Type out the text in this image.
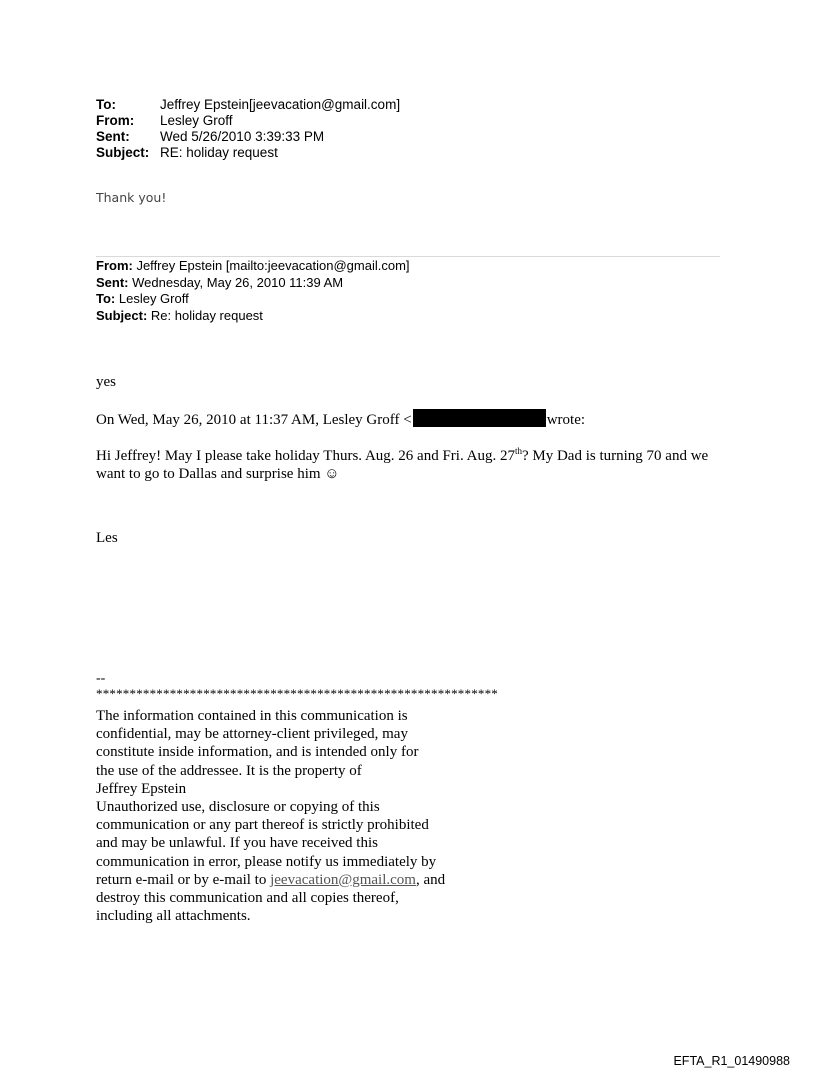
To:	Jeffrey Epstein[jeevacation@gmail.com]
From:	Lesley Groff
Sent:	Wed 5/26/2010 3:39:33 PM
Subject: RE: holiday request
Thank you!
From: Jeffrey Epstein [mailto:jeevacation@gmail.com]
Sent: Wednesday, May 26, 2010 11:39 AM
To: Lesley Groff
Subject: Re: holiday request
yes
On Wed, May 26, 2010 at 11:37 AM, Lesley Groff <	wrote:
Hi Jeffrey! May I please take holiday Thurs. Aug. 26 and Fri. Aug. 27th? My Dad is turning 70 and we want to go to Dallas and surprise him ☺
Les
--
************************************************************
The information contained in this communication is
confidential, may be attorney-client privileged, may
constitute inside information, and is intended only for
the use of the addressee. It is the property of
Jeffrey Epstein
Unauthorized use, disclosure or copying of this
communication or any part thereof is strictly prohibited
and may be unlawful. If you have received this
communication in error, please notify us immediately by
return e-mail or by e-mail to jeevacation@gmail.com, and
destroy this communication and all copies thereof,
including all attachments.
EFTA_R1_01490988
